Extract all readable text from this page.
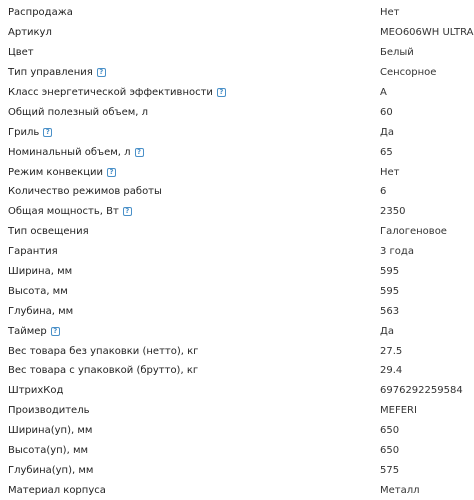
Распродажа	Нет
Артикул	MEO606WH ULTRA
Цвет	Белый
Тип управления ?	Сенсорное
Класс энергетической эффективности ?	A
Общий полезный объем, л	60
Гриль ?	Да
Номинальный объем, л ?	65
Режим конвекции ?	Нет
Количество режимов работы	6
Общая мощность, Вт ?	2350
Тип освещения	Галогеновое
Гарантия	3 года
Ширина, мм	595
Высота, мм	595
Глубина, мм	563
Таймер ?	Да
Вес товара без упаковки (нетто), кг	27.5
Вес товара с упаковкой (брутто), кг	29.4
ШтрихКод	6976292259584
Производитель	MEFERI
Ширина(уп), мм	650
Высота(уп), мм	650
Глубина(уп), мм	575
Материал корпуса	Металл
